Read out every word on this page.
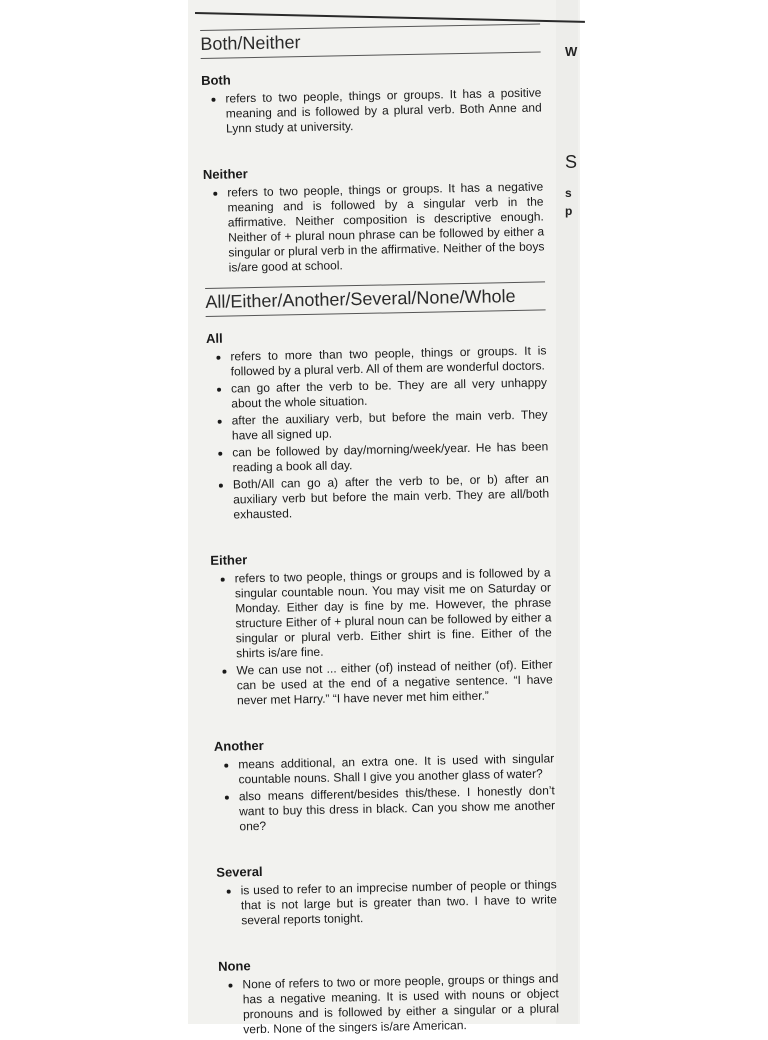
W
S
s
p
Both/Neither
Both
• refers to two people, things or groups. It has a positive meaning and is followed by a plural verb. Both Anne and Lynn study at university.
Neither
• refers to two people, things or groups. It has a negative meaning and is followed by a singular verb in the affirmative. Neither composition is descriptive enough. Neither of + plural noun phrase can be followed by either a singular or plural verb in the affirmative. Neither of the boys is/are good at school.
All/Either/Another/Several/None/Whole
All
• refers to more than two people, things or groups. It is followed by a plural verb. All of them are wonderful doctors.
• can go after the verb to be. They are all very unhappy about the whole situation.
• after the auxiliary verb, but before the main verb. They have all signed up.
• can be followed by day/morning/week/year. He has been reading a book all day.
• Both/All can go a) after the verb to be, or b) after an auxiliary verb but before the main verb. They are all/both exhausted.
Either
• refers to two people, things or groups and is followed by a singular countable noun. You may visit me on Saturday or Monday. Either day is fine by me. However, the phrase structure Either of + plural noun can be followed by either a singular or plural verb. Either shirt is fine. Either of the shirts is/are fine.
• We can use not ... either (of) instead of neither (of). Either can be used at the end of a negative sentence. “I have never met Harry.” “I have never met him either.”
Another
• means additional, an extra one. It is used with singular countable nouns. Shall I give you another glass of water?
• also means different/besides this/these. I honestly don’t want to buy this dress in black. Can you show me another one?
Several
• is used to refer to an imprecise number of people or things that is not large but is greater than two. I have to write several reports tonight.
None
• None of refers to two or more people, groups or things and has a negative meaning. It is used with nouns or object pronouns and is followed by either a singular or a plural verb. None of the singers is/are American.
